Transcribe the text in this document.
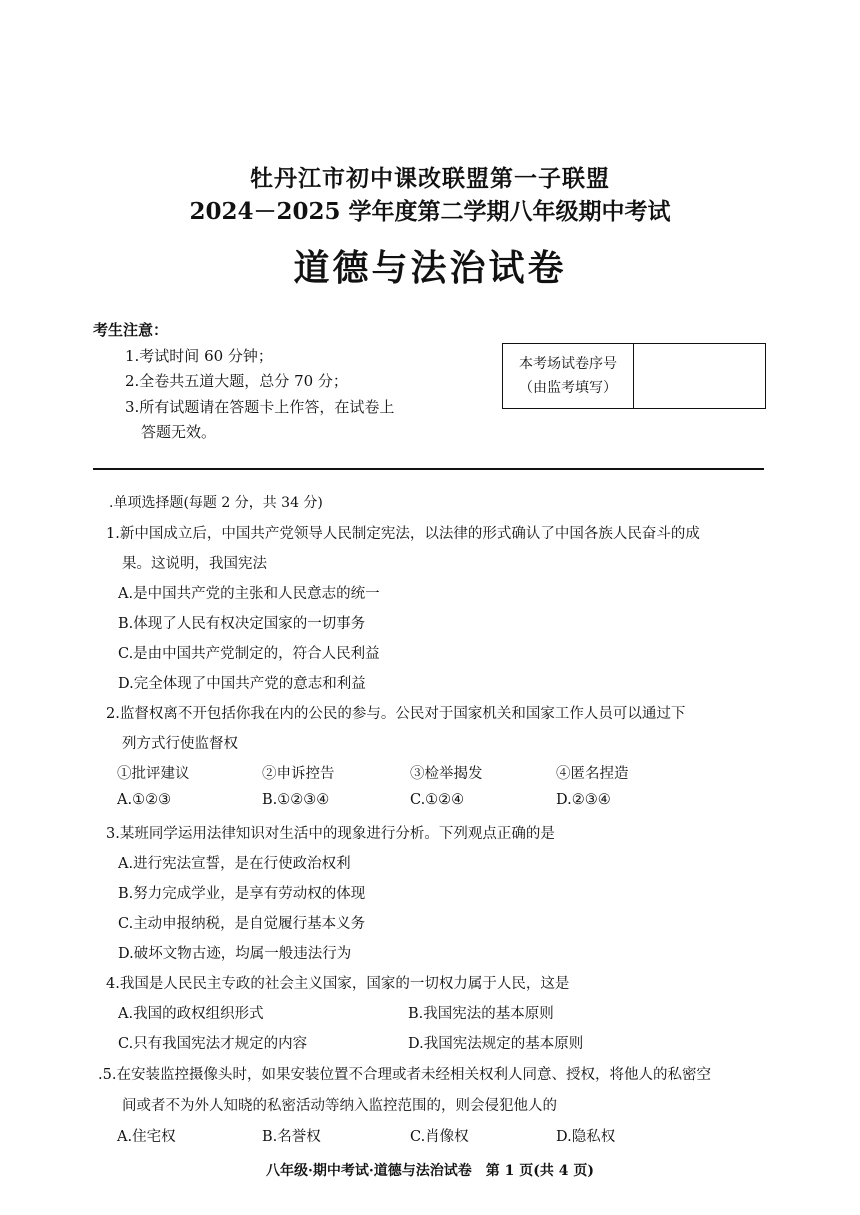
牡丹江市初中课改联盟第一子联盟
2024－2025 学年度第二学期八年级期中考试
道德与法治试卷
考生注意：
1.考试时间 60 分钟；
2.全卷共五道大题，总分 70 分；
3.所有试题请在答题卡上作答，在试卷上
答题无效。
本考场试卷序号
（由监考填写）
.单项选择题(每题 2 分，共 34 分)
1.新中国成立后，中国共产党领导人民制定宪法，以法律的形式确认了中国各族人民奋斗的成
果。这说明，我国宪法
A.是中国共产党的主张和人民意志的统一
B.体现了人民有权决定国家的一切事务
C.是由中国共产党制定的，符合人民利益
D.完全体现了中国共产党的意志和利益
2.监督权离不开包括你我在内的公民的参与。公民对于国家机关和国家工作人员可以通过下
列方式行使监督权
①批评建议	②申诉控告	③检举揭发	④匿名捏造
A.①②③	B.①②③④	C.①②④	D.②③④
3.某班同学运用法律知识对生活中的现象进行分析。下列观点正确的是
A.进行宪法宣誓，是在行使政治权利
B.努力完成学业，是享有劳动权的体现
C.主动申报纳税，是自觉履行基本义务
D.破坏文物古迹，均属一般违法行为
4.我国是人民民主专政的社会主义国家，国家的一切权力属于人民，这是
A.我国的政权组织形式	B.我国宪法的基本原则
C.只有我国宪法才规定的内容	D.我国宪法规定的基本原则
.5.在安装监控摄像头时，如果安装位置不合理或者未经相关权利人同意、授权，将他人的私密空
间或者不为外人知晓的私密活动等纳入监控范围的，则会侵犯他人的
A.住宅权	B.名誉权	C.肖像权	D.隐私权
八年级·期中考试·道德与法治试卷　第 1 页(共 4 页)
